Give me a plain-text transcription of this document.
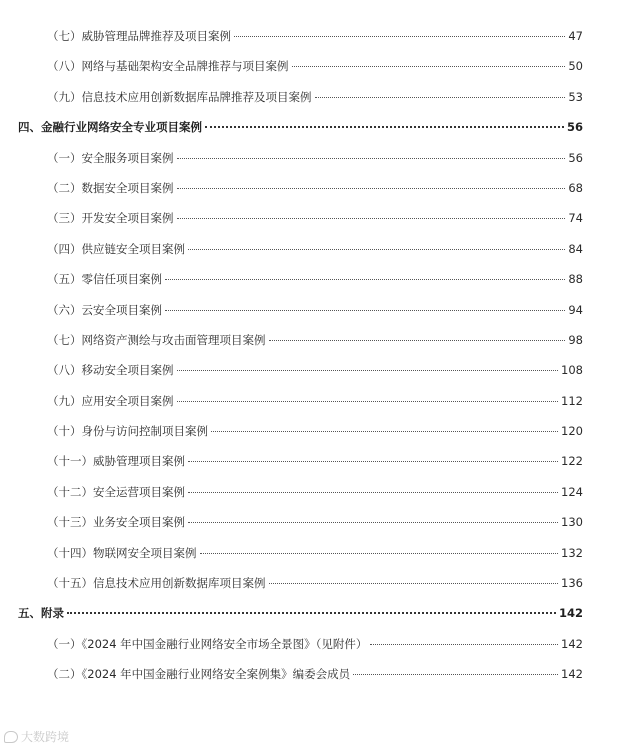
（七）威胁管理品牌推荐及项目案例	47
（八）网络与基础架构安全品牌推荐与项目案例	50
（九）信息技术应用创新数据库品牌推荐及项目案例	53
四、金融行业网络安全专业项目案例	56
（一）安全服务项目案例	56
（二）数据安全项目案例	68
（三）开发安全项目案例	74
（四）供应链安全项目案例	84
（五）零信任项目案例	88
（六）云安全项目案例	94
（七）网络资产测绘与攻击面管理项目案例	98
（八）移动安全项目案例	108
（九）应用安全项目案例	112
（十）身份与访问控制项目案例	120
（十一）威胁管理项目案例	122
（十二）安全运营项目案例	124
（十三）业务安全项目案例	130
（十四）物联网安全项目案例	132
（十五）信息技术应用创新数据库项目案例	136
五、附录	142
（一）《2024 年中国金融行业网络安全市场全景图》（见附件）	142
（二）《2024 年中国金融行业网络安全案例集》编委会成员	142
大数跨境
